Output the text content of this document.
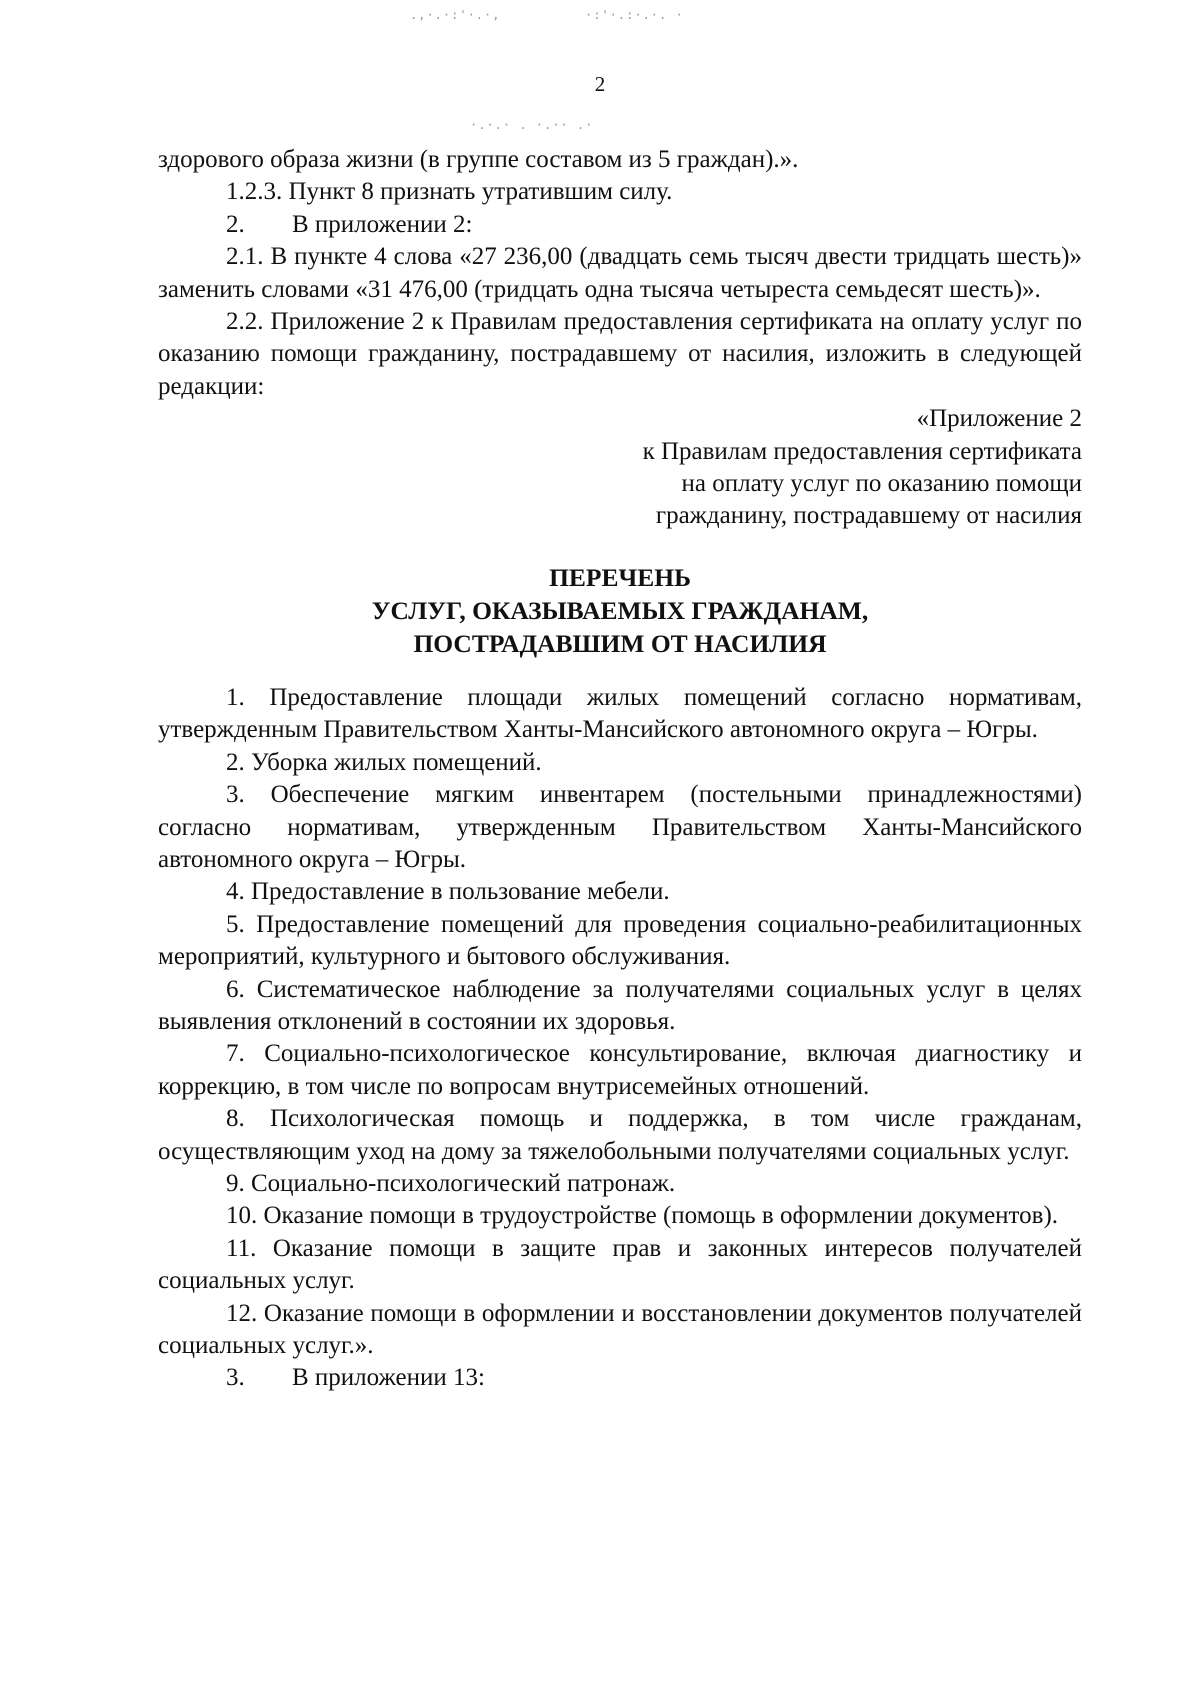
.,·.·:'·.·,	·:'·.:·.·. ·
·.·.· . ·.·· .·
2

здорового образа жизни (в группе составом из 5 граждан).».

1.2.3. Пункт 8 признать утратившим силу.

2. В приложении 2:

2.1. В пункте 4 слова «27 236,00 (двадцать семь тысяч двести тридцать шесть)» заменить словами «31 476,00 (тридцать одна тысяча четыреста семьдесят шесть)».

2.2. Приложение 2 к Правилам предоставления сертификата на оплату услуг по оказанию помощи гражданину, пострадавшему от насилия, изложить в следующей редакции:

«Приложение 2
к Правилам предоставления сертификата
на оплату услуг по оказанию помощи
гражданину, пострадавшему от насилия
ПЕРЕЧЕНЬ
УСЛУГ, ОКАЗЫВАЕМЫХ ГРАЖДАНАМ,
ПОСТРАДАВШИМ ОТ НАСИЛИЯ

1. Предоставление площади жилых помещений согласно нормативам, утвержденным Правительством Ханты-Мансийского автономного округа – Югры.

2. Уборка жилых помещений.

3. Обеспечение мягким инвентарем (постельными принадлежностями) согласно нормативам, утвержденным Правительством Ханты-Мансийского автономного округа – Югры.

4. Предоставление в пользование мебели.

5. Предоставление помещений для проведения социально-реабилитационных мероприятий, культурного и бытового обслуживания.

6. Систематическое наблюдение за получателями социальных услуг в целях выявления отклонений в состоянии их здоровья.

7. Социально-психологическое консультирование, включая диагностику и коррекцию, в том числе по вопросам внутрисемейных отношений.

8. Психологическая помощь и поддержка, в том числе гражданам, осуществляющим уход на дому за тяжелобольными получателями социальных услуг.

9. Социально-психологический патронаж.

10. Оказание помощи в трудоустройстве (помощь в оформлении документов).

11. Оказание помощи в защите прав и законных интересов получателей социальных услуг.

12. Оказание помощи в оформлении и восстановлении документов получателей социальных услуг.».

3. В приложении 13:
